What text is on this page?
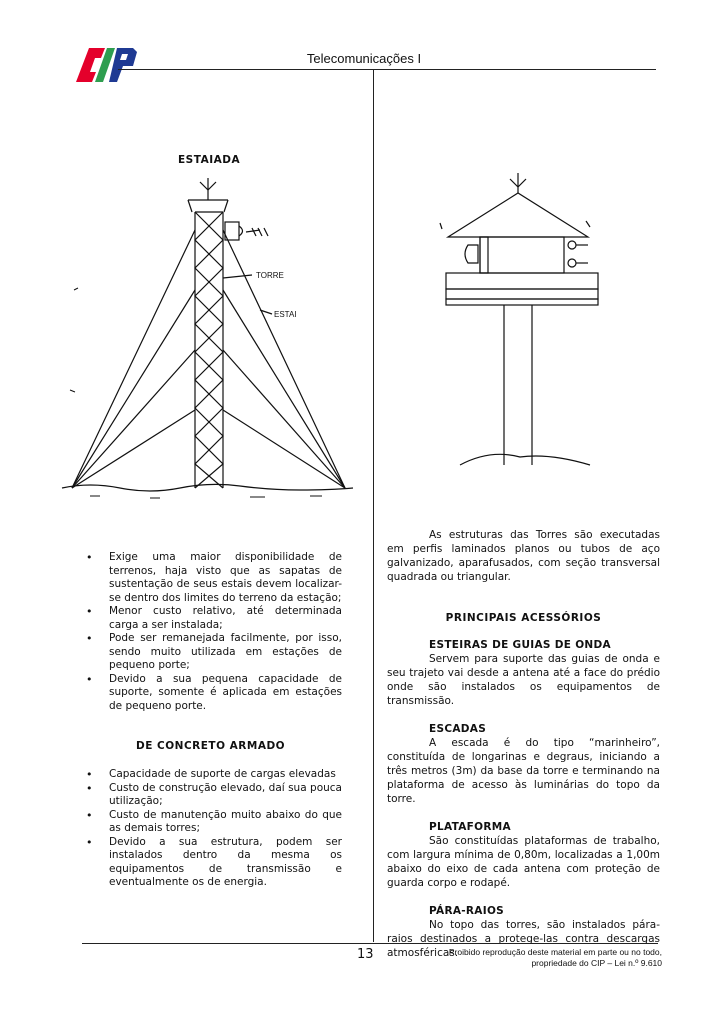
Telecomunicações I
ESTAIADA
TORRE
ESTAI
• Exige uma maior disponibilidade de terrenos, haja visto que as sapatas de sustentação de seus estais devem localizar-se dentro dos limites do terreno da estação;
• Menor custo relativo, até determinada carga a ser instalada;
• Pode ser remanejada facilmente, por isso, sendo muito utilizada em estações de pequeno porte;
• Devido a sua pequena capacidade de suporte, somente é aplicada em estações de pequeno porte.
DE CONCRETO ARMADO
• Capacidade de suporte de cargas elevadas
• Custo de construção elevado, daí sua pouca utilização;
• Custo de manutenção muito abaixo do que as demais torres;
• Devido a sua estrutura, podem ser instalados dentro da mesma os equipamentos de transmissão e eventualmente os de energia.

As estruturas das Torres são executadas em perfis laminados planos ou tubos de aço galvanizado, aparafusados, com seção transversal quadrada ou triangular.

PRINCIPAIS ACESSÓRIOS

ESTEIRAS DE GUIAS DE ONDA

Servem para suporte das guias de onda e seu trajeto vai desde a antena até a face do prédio onde são instalados os equipamentos de transmissão.

ESCADAS

A escada é do tipo “marinheiro”, constituída de longarinas e degraus, iniciando a três metros (3m) da base da torre e terminando na plataforma de acesso às luminárias do topo da torre.

PLATAFORMA

São constituídas plataformas de trabalho, com largura mínima de 0,80m, localizadas a 1,00m abaixo do eixo de cada antena com proteção de guarda corpo e rodapé.

PÁRA-RAIOS

No topo das torres, são instalados pára-raios destinados a protege-las contra descargas atmosféricas.

13	Proibido reprodução deste material em parte ou no todo,
propriedade do CIP – Lei n.º 9.610
